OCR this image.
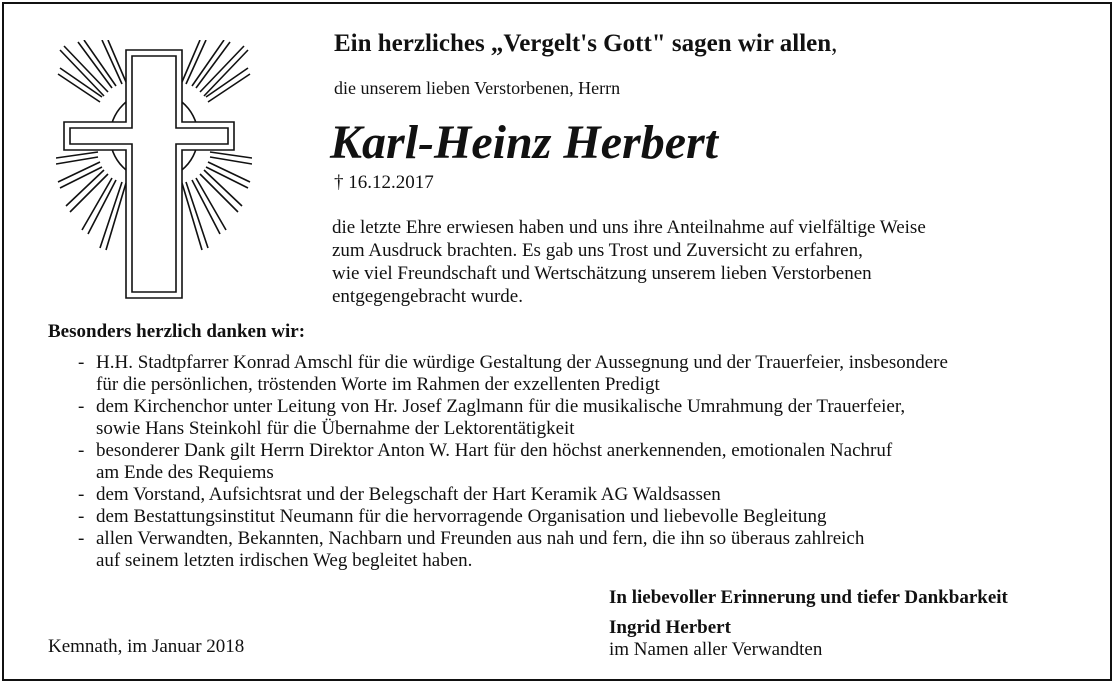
Ein herzliches „Vergelt's Gott" sagen wir allen,
die unserem lieben Verstorbenen, Herrn
Karl-Heinz Herbert
† 16.12.2017
die letzte Ehre erwiesen haben und uns ihre Anteilnahme auf vielfältige Weise
zum Ausdruck brachten. Es gab uns Trost und Zuversicht zu erfahren,
wie viel Freundschaft und Wertschätzung unserem lieben Verstorbenen
entgegengebracht wurde.
Besonders herzlich danken wir:
- H.H. Stadtpfarrer Konrad Amschl für die würdige Gestaltung der Aussegnung und der Trauerfeier, insbesondere
für die persönlichen, tröstenden Worte im Rahmen der exzellenten Predigt
- dem Kirchenchor unter Leitung von Hr. Josef Zaglmann für die musikalische Umrahmung der Trauerfeier,
sowie Hans Steinkohl für die Übernahme der Lektorentätigkeit
- besonderer Dank gilt Herrn Direktor Anton W. Hart für den höchst anerkennenden, emotionalen Nachruf
am Ende des Requiems
- dem Vorstand, Aufsichtsrat und der Belegschaft der Hart Keramik AG Waldsassen
- dem Bestattungsinstitut Neumann für die hervorragende Organisation und liebevolle Begleitung
- allen Verwandten, Bekannten, Nachbarn und Freunden aus nah und fern, die ihn so überaus zahlreich
auf seinem letzten irdischen Weg begleitet haben.
In liebevoller Erinnerung und tiefer Dankbarkeit
Ingrid Herbert
im Namen aller Verwandten
Kemnath, im Januar 2018
